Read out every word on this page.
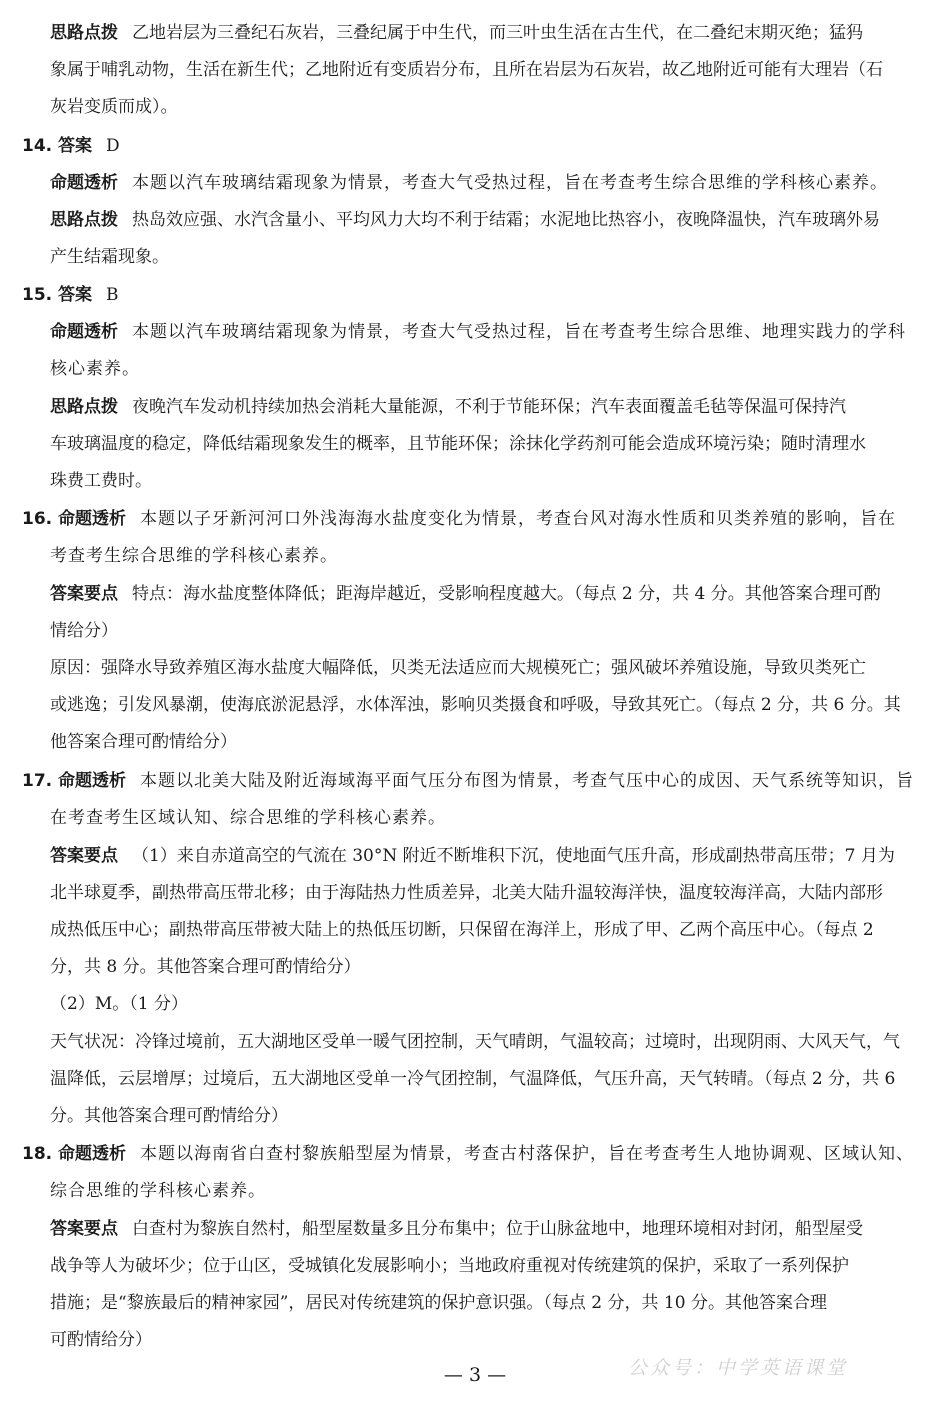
思路点拨 乙地岩层为三叠纪石灰岩，三叠纪属于中生代，而三叶虫生活在古生代，在二叠纪末期灭绝；猛犸
象属于哺乳动物，生活在新生代；乙地附近有变质岩分布，且所在岩层为石灰岩，故乙地附近可能有大理岩（石
灰岩变质而成）。
14. 答案 D
命题透析 本题以汽车玻璃结霜现象为情景，考查大气受热过程，旨在考查考生综合思维的学科核心素养。
思路点拨 热岛效应强、水汽含量小、平均风力大均不利于结霜；水泥地比热容小，夜晚降温快，汽车玻璃外易
产生结霜现象。
15. 答案 B
命题透析 本题以汽车玻璃结霜现象为情景，考查大气受热过程，旨在考查考生综合思维、地理实践力的学科
核心素养。
思路点拨 夜晚汽车发动机持续加热会消耗大量能源，不利于节能环保；汽车表面覆盖毛毡等保温可保持汽
车玻璃温度的稳定，降低结霜现象发生的概率，且节能环保；涂抹化学药剂可能会造成环境污染；随时清理水
珠费工费时。
16. 命题透析 本题以子牙新河河口外浅海海水盐度变化为情景，考查台风对海水性质和贝类养殖的影响，旨在
考查考生综合思维的学科核心素养。
答案要点 特点：海水盐度整体降低；距海岸越近，受影响程度越大。（每点 2 分，共 4 分。其他答案合理可酌
情给分）
原因：强降水导致养殖区海水盐度大幅降低，贝类无法适应而大规模死亡；强风破坏养殖设施，导致贝类死亡
或逃逸；引发风暴潮，使海底淤泥悬浮，水体浑浊，影响贝类摄食和呼吸，导致其死亡。（每点 2 分，共 6 分。其
他答案合理可酌情给分）
17. 命题透析 本题以北美大陆及附近海域海平面气压分布图为情景，考查气压中心的成因、天气系统等知识，旨
在考查考生区域认知、综合思维的学科核心素养。
答案要点 （1）来自赤道高空的气流在 30°N 附近不断堆积下沉，使地面气压升高，形成副热带高压带；7 月为
北半球夏季，副热带高压带北移；由于海陆热力性质差异，北美大陆升温较海洋快，温度较海洋高，大陆内部形
成热低压中心；副热带高压带被大陆上的热低压切断，只保留在海洋上，形成了甲、乙两个高压中心。（每点 2
分，共 8 分。其他答案合理可酌情给分）
（2）M。（1 分）
天气状况：冷锋过境前，五大湖地区受单一暖气团控制，天气晴朗，气温较高；过境时，出现阴雨、大风天气，气
温降低，云层增厚；过境后，五大湖地区受单一冷气团控制，气温降低，气压升高，天气转晴。（每点 2 分，共 6
分。其他答案合理可酌情给分）
18. 命题透析 本题以海南省白查村黎族船型屋为情景，考查古村落保护，旨在考查考生人地协调观、区域认知、
综合思维的学科核心素养。
答案要点 白查村为黎族自然村，船型屋数量多且分布集中；位于山脉盆地中，地理环境相对封闭，船型屋受
战争等人为破坏少；位于山区，受城镇化发展影响小；当地政府重视对传统建筑的保护，采取了一系列保护
措施；是“黎族最后的精神家园”，居民对传统建筑的保护意识强。（每点 2 分，共 10 分。其他答案合理
可酌情给分）
— 3 —	公众号：中学英语课堂
